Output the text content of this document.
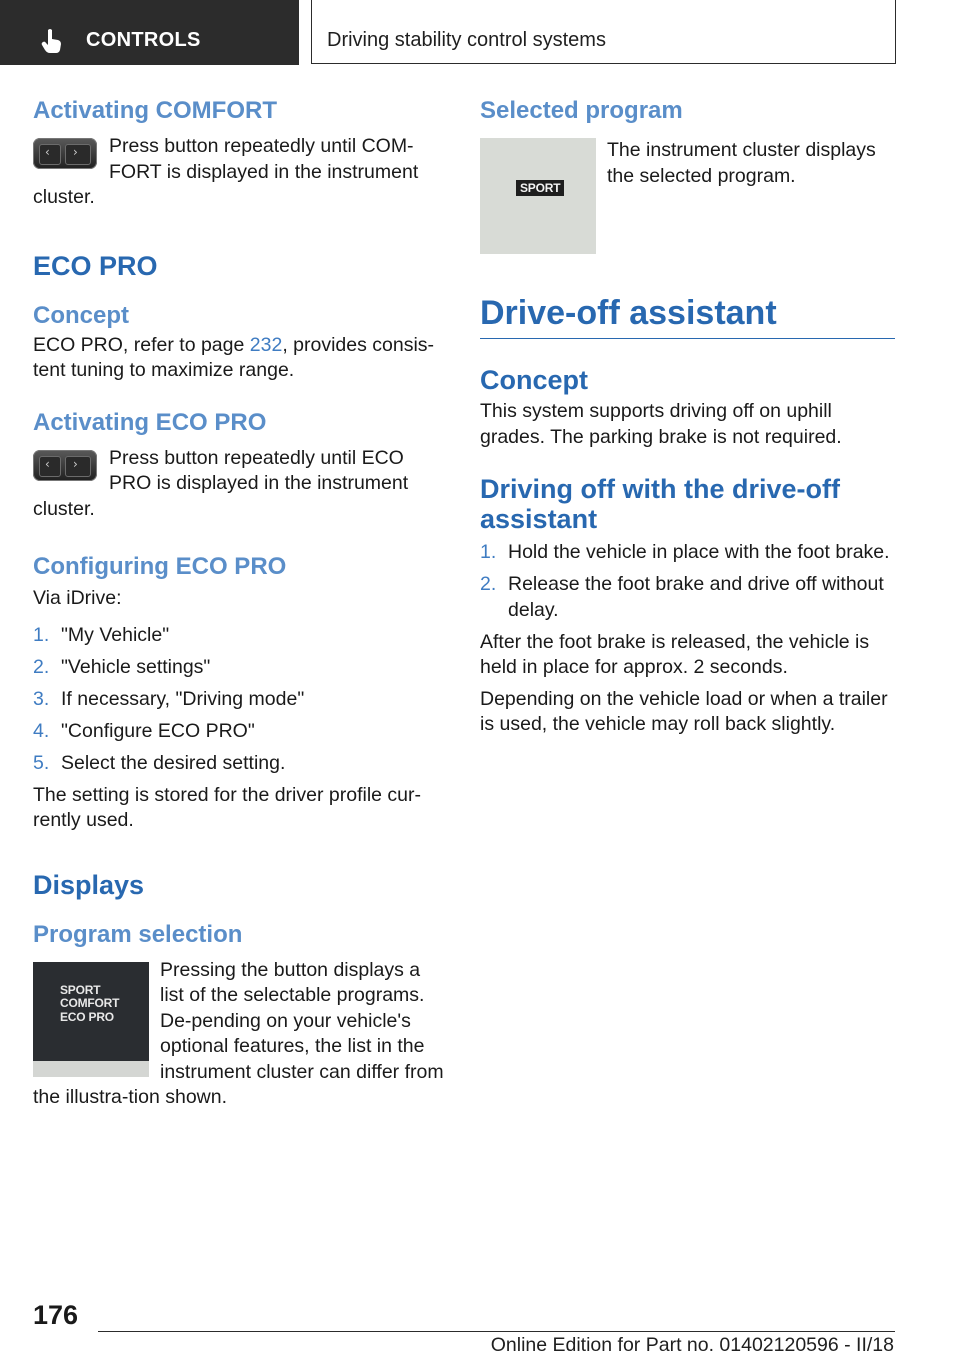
CONTROLS	Driving stability control systems
Activating COMFORT
‹ ›	Press button repeatedly until COM-FORT is displayed in the instrument cluster.

ECO PRO
Concept

ECO PRO, refer to page 232, provides consis-tent tuning to maximize range.

Activating ECO PRO
‹ ›	Press button repeatedly until ECO PRO is displayed in the instrument cluster.

Configuring ECO PRO

Via iDrive:

1. "My Vehicle"
2. "Vehicle settings"
3. If necessary, "Driving mode"
4. "Configure ECO PRO"
5. Select the desired setting.

The setting is stored for the driver profile cur-rently used.

Displays
Program selection
SPORT
COMFORT
ECO PRO

Pressing the button displays a list of the selectable programs. De-pending on your vehicle's optional features, the list in the instrument cluster can differ from the illustra-tion shown.

Selected program
SPORT

The instrument cluster displays the selected program.

Drive-off assistant
Concept

This system supports driving off on uphill grades. The parking brake is not required.

Driving off with the drive-off assistant
1. Hold the vehicle in place with the foot brake.
2. Release the foot brake and drive off without delay.

After the foot brake is released, the vehicle is held in place for approx. 2 seconds.

Depending on the vehicle load or when a trailer is used, the vehicle may roll back slightly.

176
Online Edition for Part no. 01402120596 - II/18
